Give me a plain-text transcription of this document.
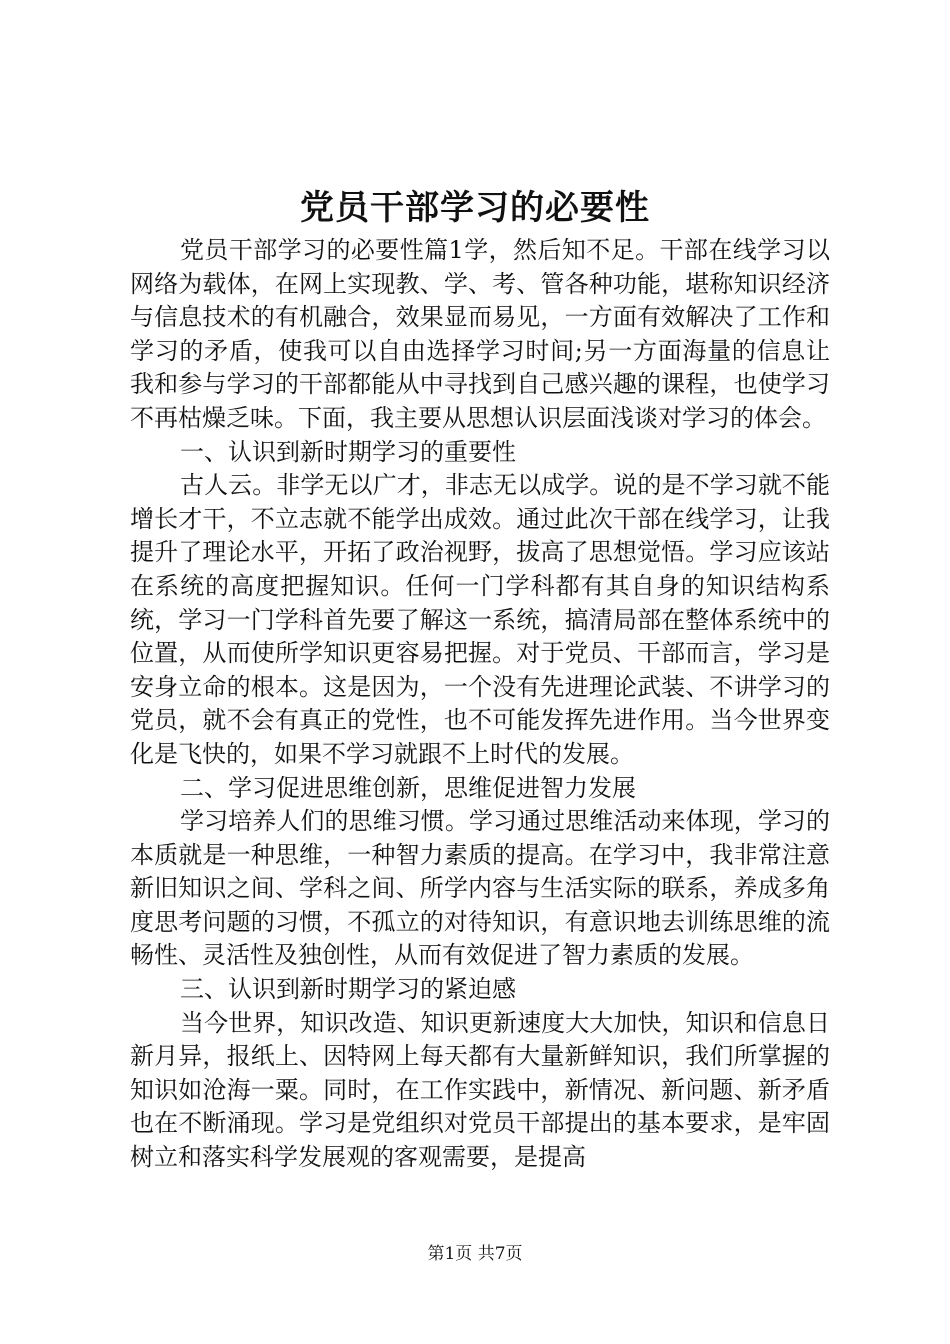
党员干部学习的必要性

党员干部学习的必要性篇1学，然后知不足。干部在线学习以网络为载体，在网上实现教、学、考、管各种功能，堪称知识经济与信息技术的有机融合，效果显而易见，一方面有效解决了工作和学习的矛盾，使我可以自由选择学习时间;另一方面海量的信息让我和参与学习的干部都能从中寻找到自己感兴趣的课程，也使学习不再枯燥乏味。下面，我主要从思想认识层面浅谈对学习的体会。

一、认识到新时期学习的重要性

古人云。非学无以广才，非志无以成学。说的是不学习就不能增长才干，不立志就不能学出成效。通过此次干部在线学习，让我提升了理论水平，开拓了政治视野，拔高了思想觉悟。学习应该站在系统的高度把握知识。任何一门学科都有其自身的知识结构系统，学习一门学科首先要了解这一系统，搞清局部在整体系统中的位置，从而使所学知识更容易把握。对于党员、干部而言，学习是安身立命的根本。这是因为，一个没有先进理论武装、不讲学习的党员，就不会有真正的党性，也不可能发挥先进作用。当今世界变化是飞快的，如果不学习就跟不上时代的发展。

二、学习促进思维创新，思维促进智力发展

学习培养人们的思维习惯。学习通过思维活动来体现，学习的本质就是一种思维，一种智力素质的提高。在学习中，我非常注意新旧知识之间、学科之间、所学内容与生活实际的联系，养成多角度思考问题的习惯，不孤立的对待知识，有意识地去训练思维的流畅性、灵活性及独创性，从而有效促进了智力素质的发展。

三、认识到新时期学习的紧迫感

当今世界，知识改造、知识更新速度大大加快，知识和信息日新月异，报纸上、因特网上每天都有大量新鲜知识，我们所掌握的知识如沧海一粟。同时，在工作实践中，新情况、新问题、新矛盾也在不断涌现。学习是党组织对党员干部提出的基本要求，是牢固树立和落实科学发展观的客观需要，是提高

第1页 共7页
